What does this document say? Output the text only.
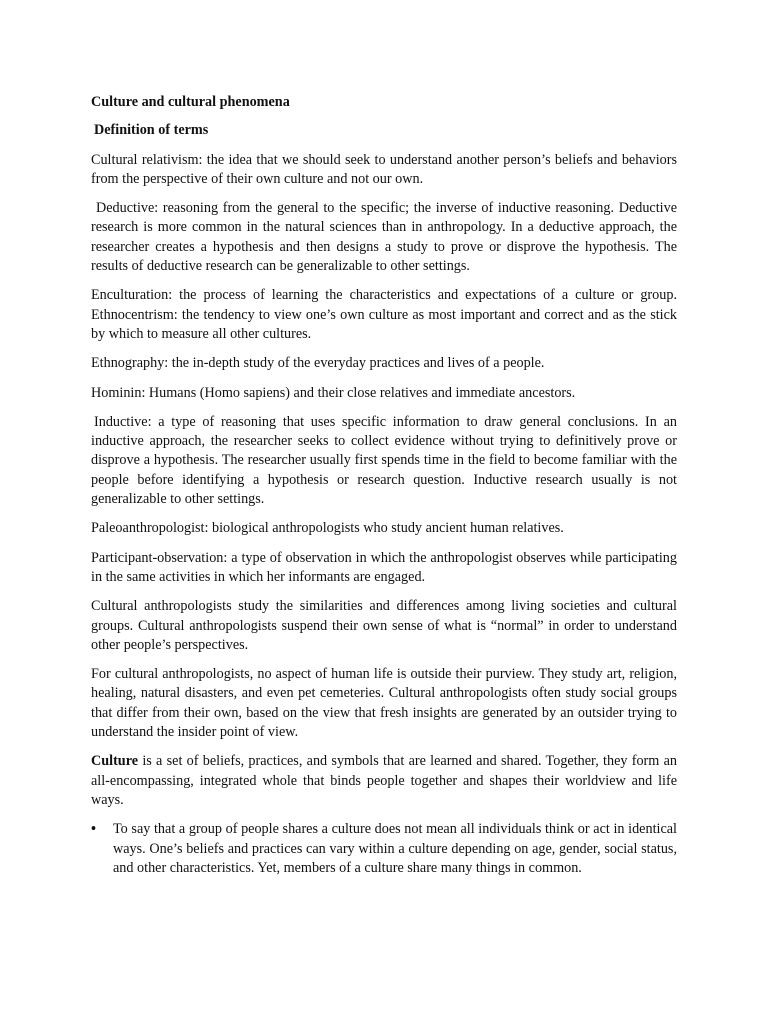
Culture and cultural phenomena
Definition of terms

Cultural relativism: the idea that we should seek to understand another person’s beliefs and behaviors from the perspective of their own culture and not our own.

Deductive: reasoning from the general to the specific; the inverse of inductive reasoning. Deductive research is more common in the natural sciences than in anthropology. In a deductive approach, the researcher creates a hypothesis and then designs a study to prove or disprove the hypothesis. The results of deductive research can be generalizable to other settings.

Enculturation: the process of learning the characteristics and expectations of a culture or group. Ethnocentrism: the tendency to view one’s own culture as most important and correct and as the stick by which to measure all other cultures.

Ethnography: the in-depth study of the everyday practices and lives of a people.

Hominin: Humans (Homo sapiens) and their close relatives and immediate ancestors.

Inductive: a type of reasoning that uses specific information to draw general conclusions. In an inductive approach, the researcher seeks to collect evidence without trying to definitively prove or disprove a hypothesis. The researcher usually first spends time in the field to become familiar with the people before identifying a hypothesis or research question. Inductive research usually is not generalizable to other settings.

Paleoanthropologist: biological anthropologists who study ancient human relatives.

Participant-observation: a type of observation in which the anthropologist observes while participating in the same activities in which her informants are engaged.

Cultural anthropologists study the similarities and differences among living societies and cultural groups. Cultural anthropologists suspend their own sense of what is “normal” in order to understand other people’s perspectives.

For cultural anthropologists, no aspect of human life is outside their purview. They study art, religion, healing, natural disasters, and even pet cemeteries. Cultural anthropologists often study social groups that differ from their own, based on the view that fresh insights are generated by an outsider trying to understand the insider point of view.

Culture is a set of beliefs, practices, and symbols that are learned and shared. Together, they form an all-encompassing, integrated whole that binds people together and shapes their worldview and life ways.

• To say that a group of people shares a culture does not mean all individuals think or act in identical ways. One’s beliefs and practices can vary within a culture depending on age, gender, social status, and other characteristics. Yet, members of a culture share many things in common.
